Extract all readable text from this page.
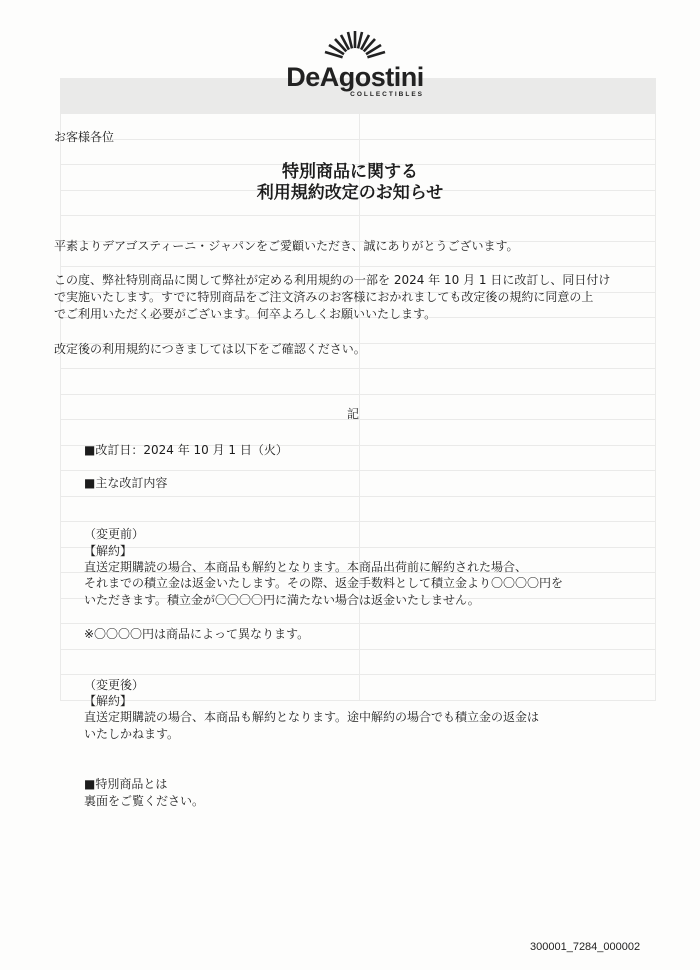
DeAgostini
COLLECTIBLES
お客様各位
特別商品に関する
利用規約改定のお知らせ
平素よりデアゴスティーニ・ジャパンをご愛顧いただき、誠にありがとうございます。
この度、弊社特別商品に関して弊社が定める利用規約の一部を 2024 年 10 月 1 日に改訂し、同日付け
で実施いたします。すでに特別商品をご注文済みのお客様におかれましても改定後の規約に同意の上
でご利用いただく必要がございます。何卒よろしくお願いいたします。
改定後の利用規約につきましては以下をご確認ください。
記
■改訂日：2024 年 10 月 1 日（火）
■主な改訂内容
（変更前）
【解約】
直送定期購読の場合、本商品も解約となります。本商品出荷前に解約された場合、
それまでの積立金は返金いたします。その際、返金手数料として積立金より〇〇〇〇円を
いただきます。積立金が〇〇〇〇円に満たない場合は返金いたしません。
※〇〇〇〇円は商品によって異なります。
（変更後）
【解約】
直送定期購読の場合、本商品も解約となります。途中解約の場合でも積立金の返金は
いたしかねます。
■特別商品とは
裏面をご覧ください。
300001_7284_000002
